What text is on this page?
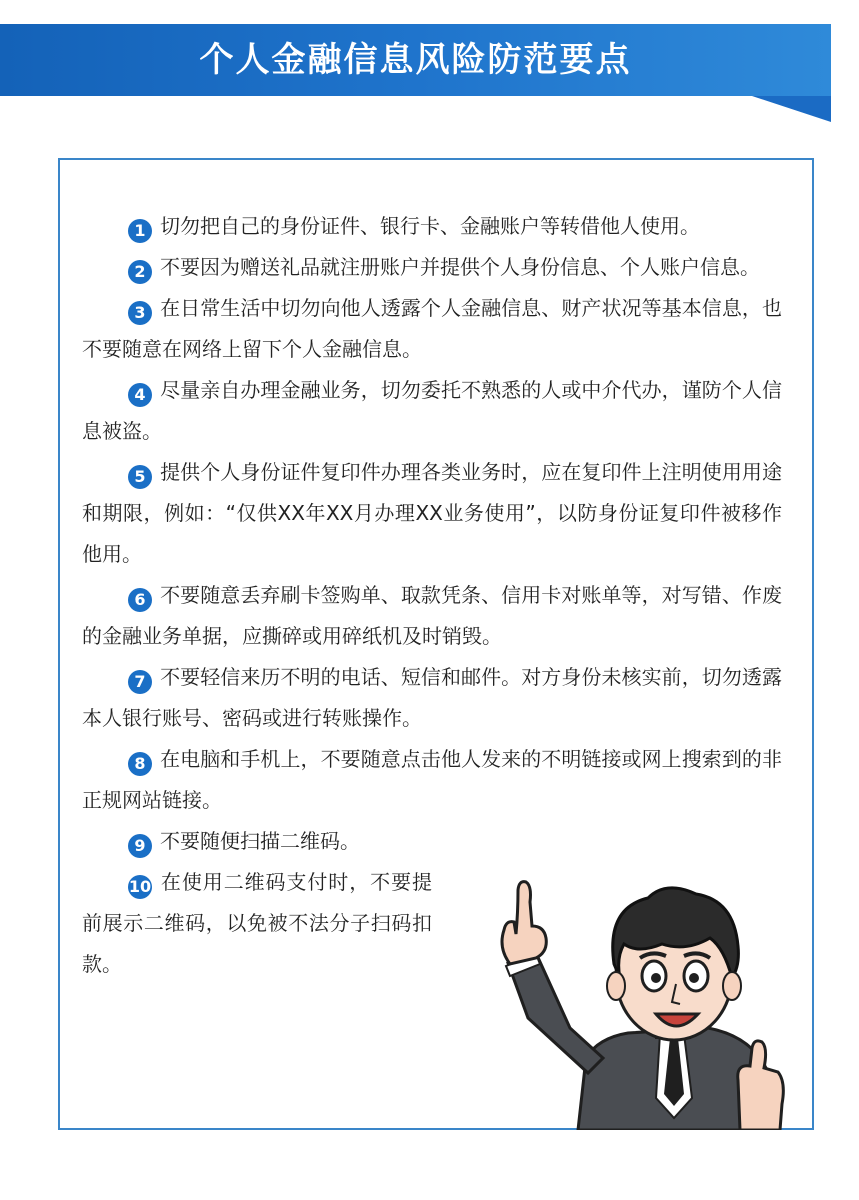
个人金融信息风险防范要点

1 切勿把自己的身份证件、银行卡、金融账户等转借他人使用。

2 不要因为赠送礼品就注册账户并提供个人身份信息、个人账户信息。

3 在日常生活中切勿向他人透露个人金融信息、财产状况等基本信息，也不要随意在网络上留下个人金融信息。

4 尽量亲自办理金融业务，切勿委托不熟悉的人或中介代办，谨防个人信息被盗。

5 提供个人身份证件复印件办理各类业务时，应在复印件上注明使用用途和期限，例如：“仅供XX年XX月办理XX业务使用”，以防身份证复印件被移作他用。

6 不要随意丢弃刷卡签购单、取款凭条、信用卡对账单等，对写错、作废的金融业务单据，应撕碎或用碎纸机及时销毁。

7 不要轻信来历不明的电话、短信和邮件。对方身份未核实前，切勿透露本人银行账号、密码或进行转账操作。

8 在电脑和手机上，不要随意点击他人发来的不明链接或网上搜索到的非正规网站链接。

9 不要随便扫描二维码。

10 在使用二维码支付时，不要提前展示二维码，以免被不法分子扫码扣款。
